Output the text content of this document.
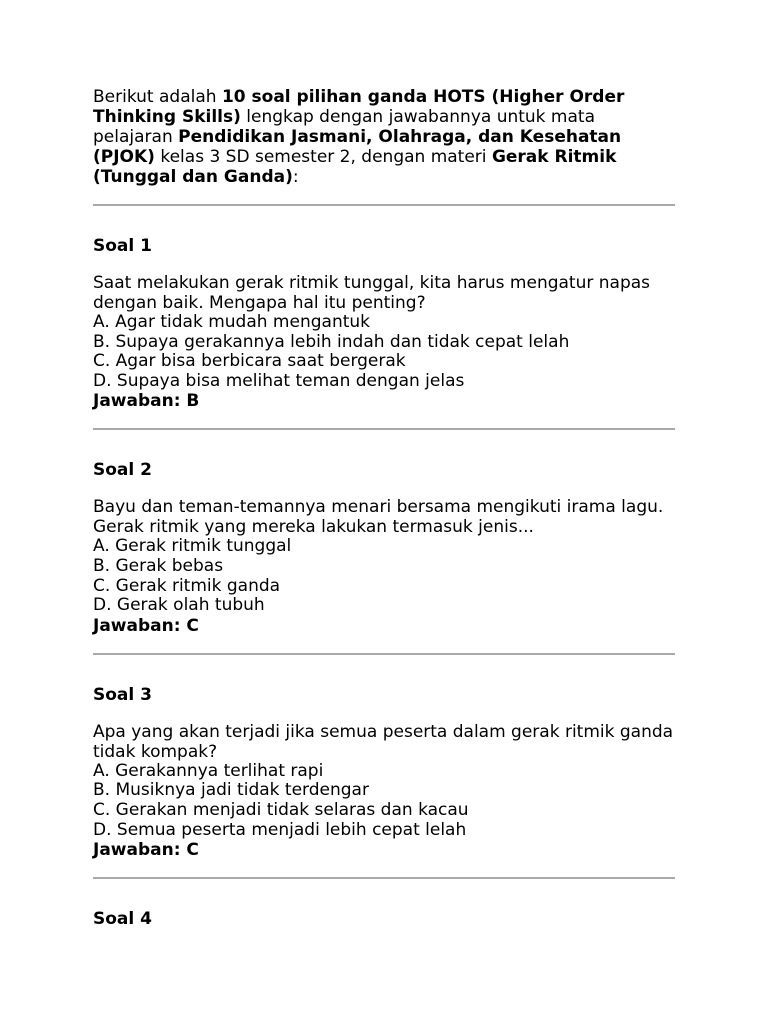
Berikut adalah 10 soal pilihan ganda HOTS (Higher Order Thinking Skills) lengkap dengan jawabannya untuk mata pelajaran Pendidikan Jasmani, Olahraga, dan Kesehatan (PJOK) kelas 3 SD semester 2, dengan materi Gerak Ritmik (Tunggal dan Ganda):

Soal 1

Saat melakukan gerak ritmik tunggal, kita harus mengatur napas dengan baik. Mengapa hal itu penting?

A. Agar tidak mudah mengantuk

B. Supaya gerakannya lebih indah dan tidak cepat lelah

C. Agar bisa berbicara saat bergerak

D. Supaya bisa melihat teman dengan jelas

Jawaban: B

Soal 2

Bayu dan teman-temannya menari bersama mengikuti irama lagu. Gerak ritmik yang mereka lakukan termasuk jenis...

A. Gerak ritmik tunggal

B. Gerak bebas

C. Gerak ritmik ganda

D. Gerak olah tubuh

Jawaban: C

Soal 3

Apa yang akan terjadi jika semua peserta dalam gerak ritmik ganda tidak kompak?

A. Gerakannya terlihat rapi

B. Musiknya jadi tidak terdengar

C. Gerakan menjadi tidak selaras dan kacau

D. Semua peserta menjadi lebih cepat lelah

Jawaban: C

Soal 4
